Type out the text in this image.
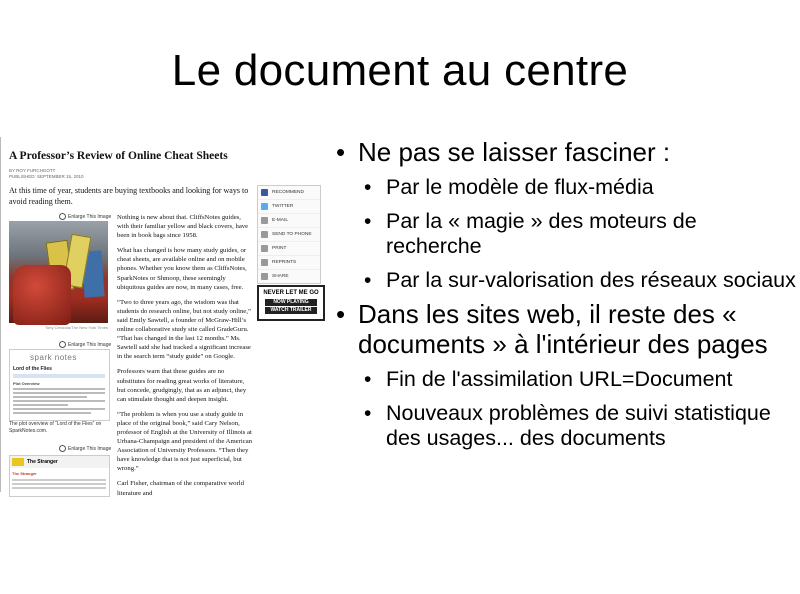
Le document au centre
A Professor’s Review of Online Cheat Sheets
BY ROY FURCHGOTT
PUBLISHED: SEPTEMBER 15, 2010
At this time of year, students are buying textbooks and looking for ways to avoid reading them.
Enlarge This Image
Tony Cenicola/The New York Times

Nothing is new about that. CliffsNotes guides, with their familiar yellow and black covers, have been in book bags since 1958.

What has changed is how many study guides, or cheat sheets, are available online and on mobile phones. Whether you know them as CliffsNotes, SparkNotes or Shmoop, these seemingly ubiquitous guides are now, in many cases, free.

“Two to three years ago, the wisdom was that students do research online, but not study online,” said Emily Sawtell, a founder of McGraw-Hill’s online collaborative study site called GradeGuru. “That has changed in the last 12 months.” Ms. Sawtell said she had tracked a significant increase in the search term “study guide” on Google.

Professors warn that these guides are no substitutes for reading great works of literature, but concede, grudgingly, that as an adjunct, they can stimulate thought and deepen insight.

“The problem is when you use a study guide in place of the original book,” said Cary Nelson, professor of English at the University of Illinois at Urbana-Champaign and president of the American Association of University Professors. “Then they have knowledge that is not just superficial, but wrong.”

Carl Fisher, chairman of the comparative world literature and

RECOMMEND
TWITTER
E-MAIL
SEND TO PHONE
PRINT
REPRINTS
SHARE
NEVER LET ME GO
NOW PLAYING
WATCH TRAILER
Enlarge This Image
spark notes
Lord of the Flies
Plot Overview
The plot overview of “Lord of the Flies” on SparkNotes.com.
Enlarge This Image
The Stranger
The Stranger
• Ne pas se laisser fasciner :
• Par le modèle de flux-média
• Par la « magie » des moteurs de recherche
• Par la sur-valorisation des réseaux sociaux
• Dans les sites web, il reste des « documents » à l'intérieur des pages
• Fin de l'assimilation URL=Document
• Nouveaux problèmes de suivi statistique des usages... des documents
